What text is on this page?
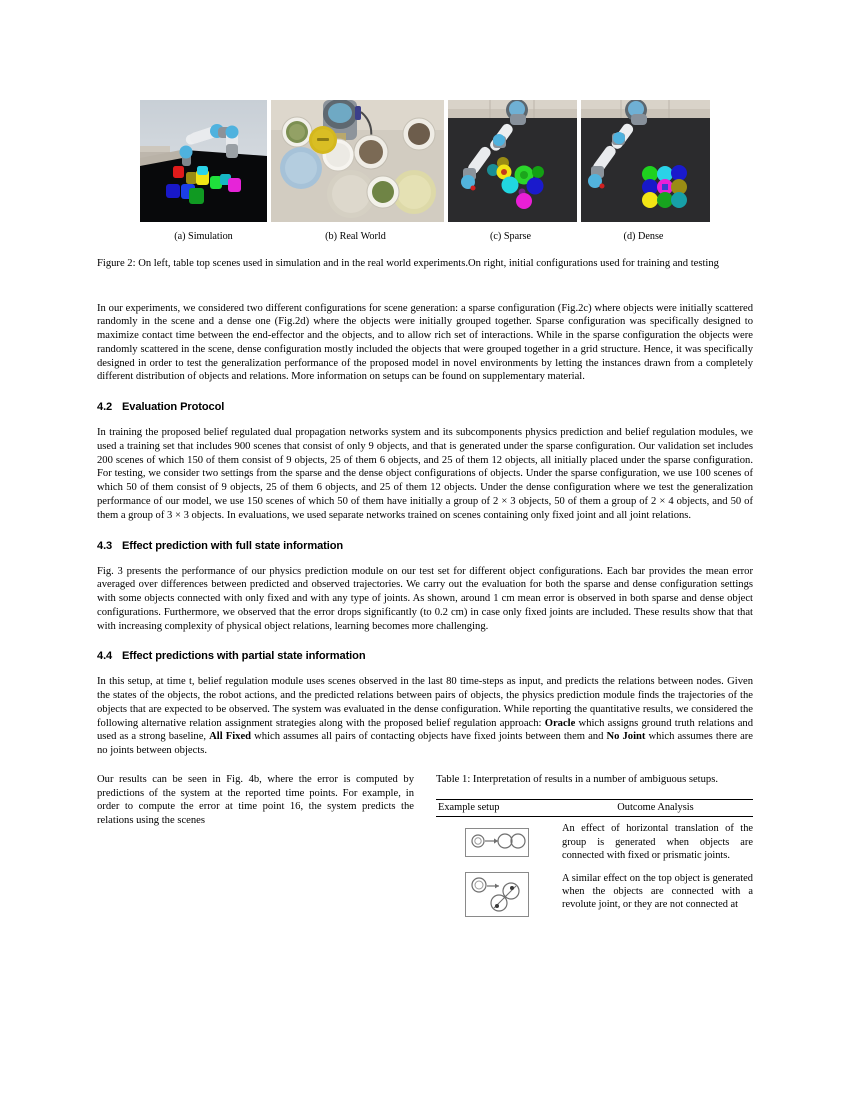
(a) Simulation	(b) Real World	(c) Sparse	(d) Dense
Figure 2: On left, table top scenes used in simulation and in the real world experiments.On right, initial configurations used for training and testing

In our experiments, we considered two different configurations for scene generation: a sparse configuration (Fig.2c) where objects were initially scattered randomly in the scene and a dense one (Fig.2d) where the objects were initially grouped together. Sparse configuration was specifically designed to maximize contact time between the end-effector and the objects, and to allow rich set of interactions. While in the sparse configuration the objects were randomly scattered in the scene, dense configuration mostly included the objects that were grouped together in a grid structure. Hence, it was specifically designed in order to test the generalization performance of the proposed model in novel environments by letting the instances drawn from a completely different distribution of objects and relations. More information on setups can be found on supplementary material.

4.2 Evaluation Protocol

In training the proposed belief regulated dual propagation networks system and its subcomponents physics prediction and belief regulation modules, we used a training set that includes 900 scenes that consist of only 9 objects, and that is generated under the sparse configuration. Our validation set includes 200 scenes of which 150 of them consist of 9 objects, 25 of them 6 objects, and 25 of them 12 objects, all initially placed under the sparse configuration. For testing, we consider two settings from the sparse and the dense object configurations of objects. Under the sparse configuration, we use 100 scenes of which 50 of them consist of 9 objects, 25 of them 6 objects, and 25 of them 12 objects. Under the dense configuration where we test the generalization performance of our model, we use 150 scenes of which 50 of them have initially a group of 2 × 3 objects, 50 of them a group of 2 × 4 objects, and 50 of them a group of 3 × 3 objects. In evaluations, we used separate networks trained on scenes containing only fixed joint and all joint relations.

4.3 Effect prediction with full state information

Fig. 3 presents the performance of our physics prediction module on our test set for different object configurations. Each bar provides the mean error averaged over differences between predicted and observed trajectories. We carry out the evaluation for both the sparse and dense configuration settings with some objects connected with only fixed and with any type of joints. As shown, around 1 cm mean error is observed in both sparse and dense object configurations. Furthermore, we observed that the error drops significantly (to 0.2 cm) in case only fixed joints are included. These results show that that with increasing complexity of physical object relations, learning becomes more challenging.

4.4 Effect predictions with partial state information

In this setup, at time t, belief regulation module uses scenes observed in the last 80 time-steps as input, and predicts the relations between nodes. Given the states of the objects, the robot actions, and the predicted relations between pairs of objects, the physics prediction module finds the trajectories of the objects that are expected to be observed. The system was evaluated in the dense configuration. While reporting the quantitative results, we considered the following alternative relation assignment strategies along with the proposed belief regulation approach: Oracle which assigns ground truth relations and used as a strong baseline, All Fixed which assumes all pairs of contacting objects have fixed joints between them and No Joint which assumes there are no joints between objects.

Our results can be seen in Fig. 4b, where the error is computed by predictions of the system at the reported time points. For example, in order to compute the error at time point 16, the system predicts the relations using the scenes

Table 1: Interpretation of results in a number of ambiguous setups.

Example setup	Outcome Analysis
	An effect of horizontal translation of the group is generated when objects are connected with fixed or prismatic joints.
	A similar effect on the top object is generated when the objects are connected with a revolute joint, or they are not connected at
